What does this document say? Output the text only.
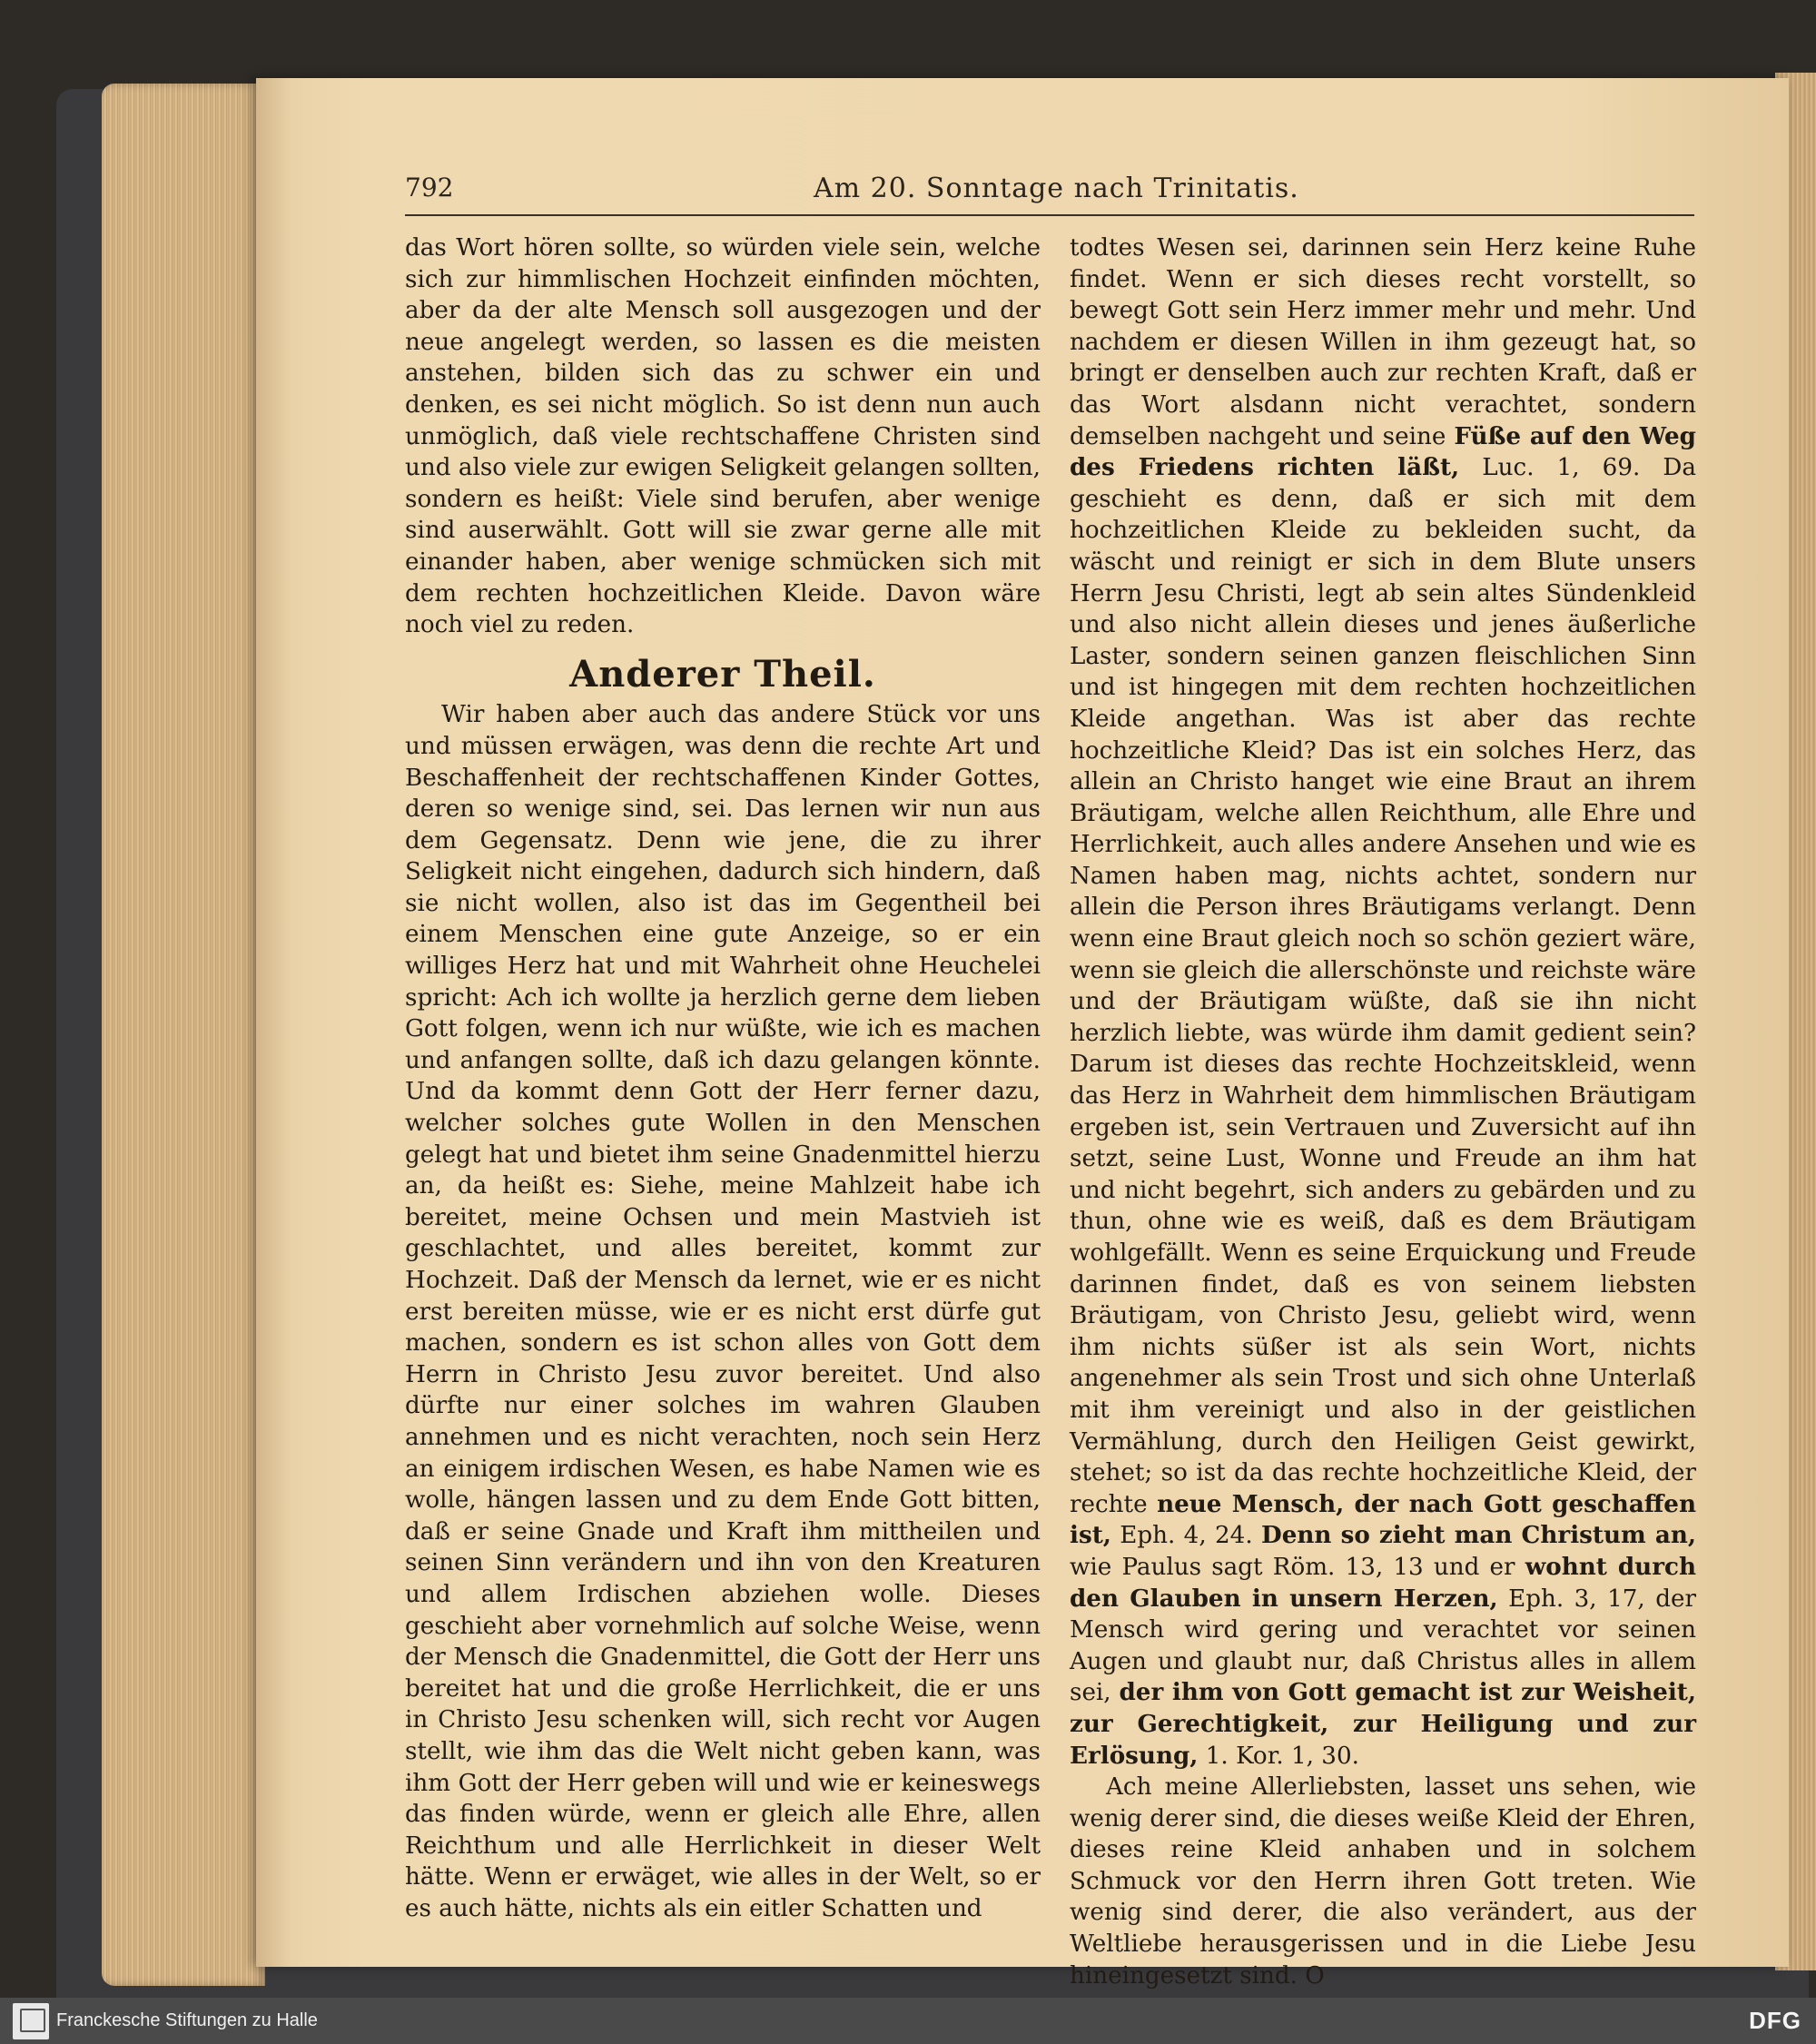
792	Am 20. Sonntage nach Trinitatis.

das Wort hören sollte, so würden viele sein, welche sich zur himmlischen Hochzeit einfinden möchten, aber da der alte Mensch soll ausgezogen und der neue angelegt werden, so lassen es die meisten anstehen, bilden sich das zu schwer ein und denken, es sei nicht möglich. So ist denn nun auch unmöglich, daß viele rechtschaffene Christen sind und also viele zur ewigen Seligkeit gelangen sollten, sondern es heißt: Viele sind berufen, aber wenige sind auserwählt. Gott will sie zwar gerne alle mit einander haben, aber wenige schmücken sich mit dem rechten hochzeitlichen Kleide. Davon wäre noch viel zu reden.

Anderer Theil.

Wir haben aber auch das andere Stück vor uns und müssen erwägen, was denn die rechte Art und Beschaffenheit der rechtschaffenen Kinder Gottes, deren so wenige sind, sei. Das lernen wir nun aus dem Gegensatz. Denn wie jene, die zu ihrer Seligkeit nicht eingehen, dadurch sich hindern, daß sie nicht wollen, also ist das im Gegentheil bei einem Menschen eine gute Anzeige, so er ein williges Herz hat und mit Wahrheit ohne Heuchelei spricht: Ach ich wollte ja herzlich gerne dem lieben Gott folgen, wenn ich nur wüßte, wie ich es machen und anfangen sollte, daß ich dazu gelangen könnte. Und da kommt denn Gott der Herr ferner dazu, welcher solches gute Wollen in den Menschen gelegt hat und bietet ihm seine Gnadenmittel hierzu an, da heißt es: Siehe, meine Mahlzeit habe ich bereitet, meine Ochsen und mein Mastvieh ist geschlachtet, und alles bereitet, kommt zur Hochzeit. Daß der Mensch da lernet, wie er es nicht erst bereiten müsse, wie er es nicht erst dürfe gut machen, sondern es ist schon alles von Gott dem Herrn in Christo Jesu zuvor bereitet. Und also dürfte nur einer solches im wahren Glauben annehmen und es nicht verachten, noch sein Herz an einigem irdischen Wesen, es habe Namen wie es wolle, hängen lassen und zu dem Ende Gott bitten, daß er seine Gnade und Kraft ihm mittheilen und seinen Sinn verändern und ihn von den Kreaturen und allem Irdischen abziehen wolle. Dieses geschieht aber vornehmlich auf solche Weise, wenn der Mensch die Gnadenmittel, die Gott der Herr uns bereitet hat und die große Herrlichkeit, die er uns in Christo Jesu schenken will, sich recht vor Augen stellt, wie ihm das die Welt nicht geben kann, was ihm Gott der Herr geben will und wie er keineswegs das finden würde, wenn er gleich alle Ehre, allen Reichthum und alle Herrlichkeit in dieser Welt hätte. Wenn er erwäget, wie alles in der Welt, so er es auch hätte, nichts als ein eitler Schatten und

todtes Wesen sei, darinnen sein Herz keine Ruhe findet. Wenn er sich dieses recht vorstellt, so bewegt Gott sein Herz immer mehr und mehr. Und nachdem er diesen Willen in ihm gezeugt hat, so bringt er denselben auch zur rechten Kraft, daß er das Wort alsdann nicht verachtet, sondern demselben nachgeht und seine Füße auf den Weg des Friedens richten läßt, Luc. 1, 69. Da geschieht es denn, daß er sich mit dem hochzeitlichen Kleide zu bekleiden sucht, da wäscht und reinigt er sich in dem Blute unsers Herrn Jesu Christi, legt ab sein altes Sündenkleid und also nicht allein dieses und jenes äußerliche Laster, sondern seinen ganzen fleischlichen Sinn und ist hingegen mit dem rechten hochzeitlichen Kleide angethan. Was ist aber das rechte hochzeitliche Kleid? Das ist ein solches Herz, das allein an Christo hanget wie eine Braut an ihrem Bräutigam, welche allen Reichthum, alle Ehre und Herrlichkeit, auch alles andere Ansehen und wie es Namen haben mag, nichts achtet, sondern nur allein die Person ihres Bräutigams verlangt. Denn wenn eine Braut gleich noch so schön geziert wäre, wenn sie gleich die allerschönste und reichste wäre und der Bräutigam wüßte, daß sie ihn nicht herzlich liebte, was würde ihm damit gedient sein? Darum ist dieses das rechte Hochzeitskleid, wenn das Herz in Wahrheit dem himmlischen Bräutigam ergeben ist, sein Vertrauen und Zuversicht auf ihn setzt, seine Lust, Wonne und Freude an ihm hat und nicht begehrt, sich anders zu gebärden und zu thun, ohne wie es weiß, daß es dem Bräutigam wohlgefällt. Wenn es seine Erquickung und Freude darinnen findet, daß es von seinem liebsten Bräutigam, von Christo Jesu, geliebt wird, wenn ihm nichts süßer ist als sein Wort, nichts angenehmer als sein Trost und sich ohne Unterlaß mit ihm vereinigt und also in der geistlichen Vermählung, durch den Heiligen Geist gewirkt, stehet; so ist da das rechte hochzeitliche Kleid, der rechte neue Mensch, der nach Gott geschaffen ist, Eph. 4, 24. Denn so zieht man Christum an, wie Paulus sagt Röm. 13, 13 und er wohnt durch den Glauben in unsern Herzen, Eph. 3, 17, der Mensch wird gering und verachtet vor seinen Augen und glaubt nur, daß Christus alles in allem sei, der ihm von Gott gemacht ist zur Weisheit, zur Gerechtigkeit, zur Heiligung und zur Erlösung, 1. Kor. 1, 30.

Ach meine Allerliebsten, lasset uns sehen, wie wenig derer sind, die dieses weiße Kleid der Ehren, dieses reine Kleid anhaben und in solchem Schmuck vor den Herrn ihren Gott treten. Wie wenig sind derer, die also verändert, aus der Weltliebe herausgerissen und in die Liebe Jesu hineingesetzt sind. O

Franckesche Stiftungen zu Halle	DFG
